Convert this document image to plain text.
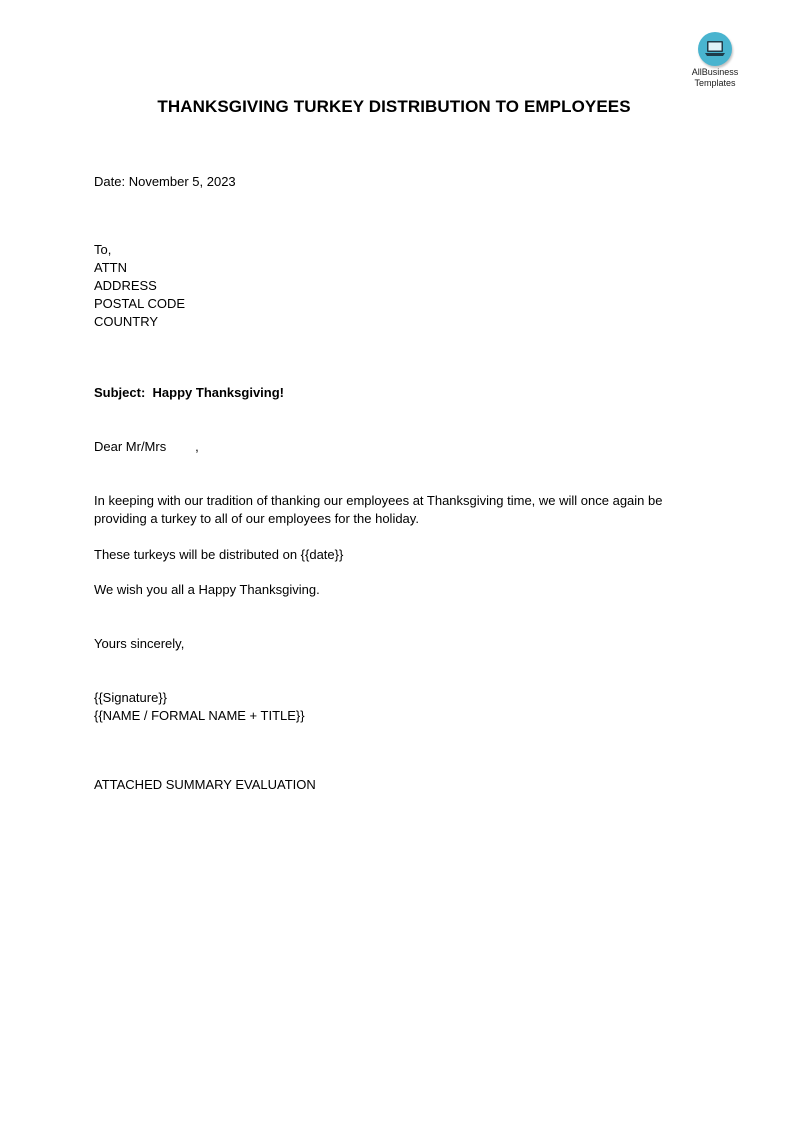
AllBusiness
Templates
THANKSGIVING TURKEY DISTRIBUTION TO EMPLOYEES
Date: November 5, 2023
To,
ATTN
ADDRESS
POSTAL CODE
COUNTRY
Subject: Happy Thanksgiving!
Dear Mr/Mrs        ,
In keeping with our tradition of thanking our employees at Thanksgiving time, we will once again be providing a turkey to all of our employees for the holiday.
These turkeys will be distributed on {{date}}
We wish you all a Happy Thanksgiving.
Yours sincerely,
{{Signature}}
{{NAME / FORMAL NAME + TITLE}}
ATTACHED SUMMARY EVALUATION
